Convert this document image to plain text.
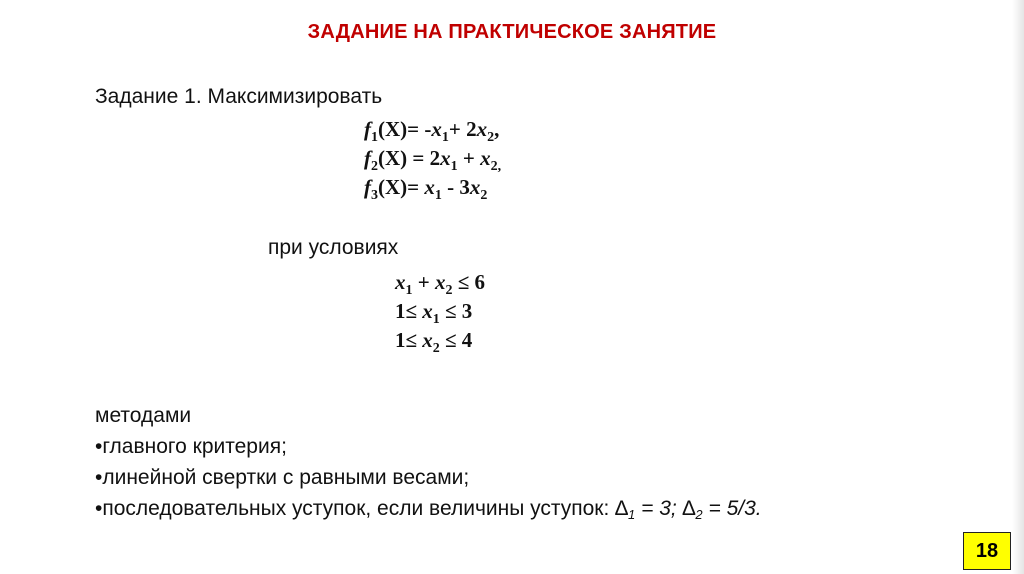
ЗАДАНИЕ НА ПРАКТИЧЕСКОЕ ЗАНЯТИЕ
Задание 1. Максимизировать
$f_1(X)= -x_1+ 2x_2$,
$f_2(X) = 2x_1 + x_{2,}$
$f_3(X)= x_1 - 3x_2$
при условиях
$x_1 + x_2 \le 6$
$1\le x_1 \le 3$
$1\le x_2 \le 4$
методами
•главного критерия;
•линейной свертки с равными весами;
•последовательных уступок, если величины уступок: $\Delta_1 = 3$; $\Delta_2 = 5/3$.
18
